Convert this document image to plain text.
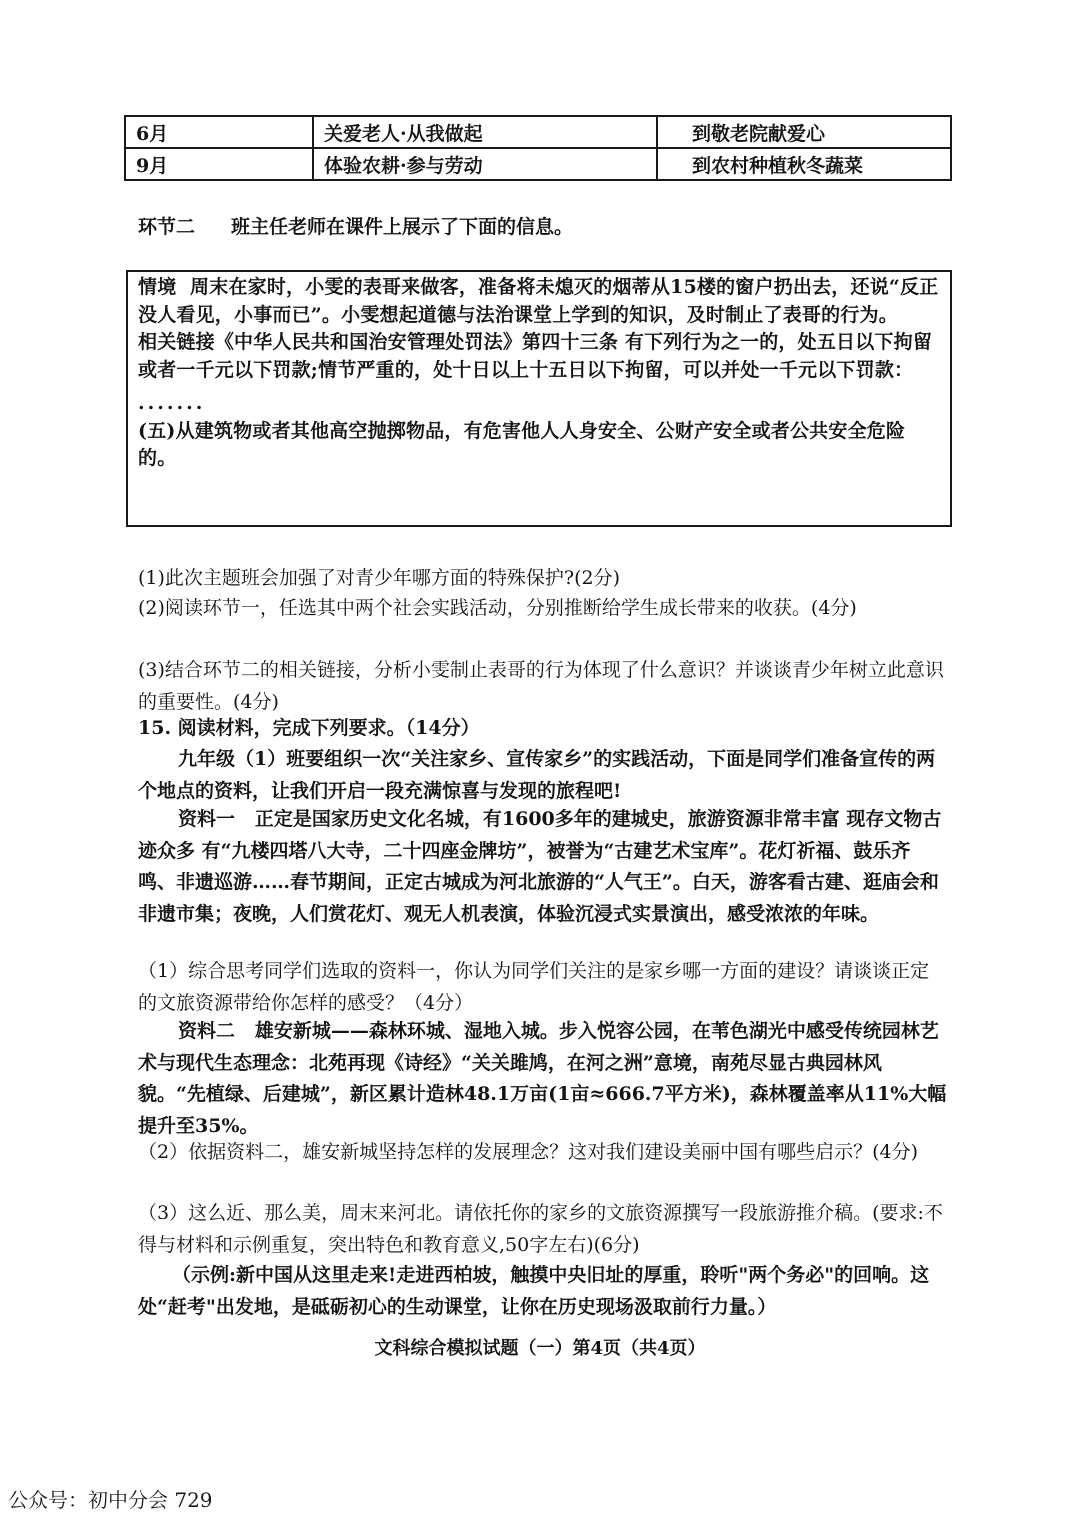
6月	关爱老人·从我做起	到敬老院献爱心
9月	体验农耕·参与劳动	到农村种植秋冬蔬菜
环节二 班主任老师在课件上展示了下面的信息。

情境 周末在家时，小雯的表哥来做客，准备将未熄灭的烟蒂从15楼的窗户扔出去，还说“反正没人看见，小事而已”。小雯想起道德与法治课堂上学到的知识，及时制止了表哥的行为。

相关链接《中华人民共和国治安管理处罚法》第四十三条 有下列行为之一的，处五日以下拘留或者一千元以下罚款;情节严重的，处十日以上十五日以下拘留，可以并处一千元以下罚款：

.......

(五)从建筑物或者其他高空抛掷物品，有危害他人人身安全、公财产安全或者公共安全危险的。

(1)此次主题班会加强了对青少年哪方面的特殊保护?(2分)
(2)阅读环节一，任选其中两个社会实践活动，分别推断给学生成长带来的收获。(4分)
(3)结合环节二的相关链接，分析小雯制止表哥的行为体现了什么意识？并谈谈青少年树立此意识的重要性。(4分)
15. 阅读材料，完成下列要求。（14分）

九年级（1）班要组织一次“关注家乡、宣传家乡”的实践活动，下面是同学们准备宣传的两个地点的资料，让我们开启一段充满惊喜与发现的旅程吧!

资料一 正定是国家历史文化名城，有1600多年的建城史，旅游资源非常丰富 现存文物古迹众多 有“九楼四塔八大寺，二十四座金牌坊”，被誉为“古建艺术宝库”。花灯祈福、鼓乐齐鸣、非遗巡游……春节期间，正定古城成为河北旅游的“人气王”。白天，游客看古建、逛庙会和非遗市集；夜晚，人们赏花灯、观无人机表演，体验沉浸式实景演出，感受浓浓的年味。

（1）综合思考同学们选取的资料一，你认为同学们关注的是家乡哪一方面的建设？请谈谈正定的文旅资源带给你怎样的感受？（4分）

资料二 雄安新城——森林环城、湿地入城。步入悦容公园，在苇色湖光中感受传统园林艺术与现代生态理念：北苑再现《诗经》“关关雎鸠，在河之洲”意境，南苑尽显古典园林风貌。“先植绿、后建城”，新区累计造林48.1万亩(1亩≈666.7平方米)，森林覆盖率从11%大幅提升至35%。

（2）依据资料二，雄安新城坚持怎样的发展理念？这对我们建设美丽中国有哪些启示？(4分)

（3）这么近、那么美，周末来河北。请依托你的家乡的文旅资源撰写一段旅游推介稿。(要求:不得与材料和示例重复，突出特色和教育意义,50字左右)(6分)

（示例:新中国从这里走来!走进西柏坡，触摸中央旧址的厚重，聆听"两个务必"的回响。这处“赶考"出发地，是砥砺初心的生动课堂，让你在历史现场汲取前行力量。）

文科综合模拟试题（一）第4页（共4页）
公众号：初中分会 729
